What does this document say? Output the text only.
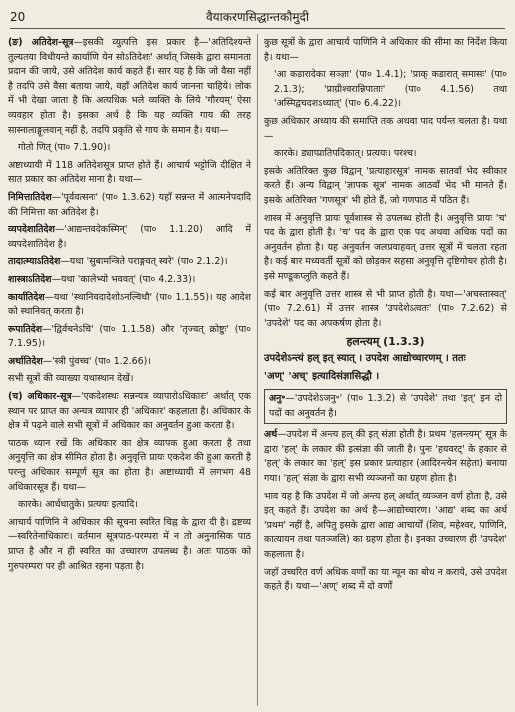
20	वैयाकरणसिद्धान्तकौमुदी

(ङ) अतिदेश-सूत्र—इसकी व्युत्पत्ति इस प्रकार है—'अतिदिश्यन्ते तुल्यतया विधीयन्ते कार्याणि येन सोऽतिदेशः' अर्थात् जिसके द्वारा समानता प्रदान की जाये, उसे अतिदेश कार्य कहते हैं। सार यह है कि जो वैसा नहीं है तदपि उसे वैसा बताया जाये, वहाँ अतिदेश कार्य जानना चाहिये। लोक में भी देखा जाता है कि अत्यधिक भले व्यक्ति के लिये 'गौरयम्' ऐसा व्यवहार होता है। इसका अर्थ है कि यह व्यक्ति गाय की तरह सास्नालाङ्गूलवान् नहीं है, तदपि प्रकृति से गाय के समान है। यथा—

गोतो णित् (पा० 7.1.90)।

अष्टाध्यायी में 118 अतिदेशसूत्र प्राप्त होते हैं। आचार्य भट्टोजि दीक्षित ने सात प्रकार का अतिदेश माना है। यथा—

निमित्तातिदेश—'पूर्ववत्सनः' (पा० 1.3.62) यहाँ सन्नन्त में आत्मनेपदादि की निमित्ता का अतिदेश है।

व्यपदेशातिदेश—'आद्यन्तवदेकस्मिन्' (पा० 1.1.20) आदि में व्यपदेशातिदेश है।

तादात्म्याऽतिदेश—यथा 'सुबामन्त्रिते पराङ्गवत् स्वरे' (पा० 2.1.2)।

शास्त्राऽतिदेश—यथा 'कालेभ्यो भववत्' (पा० 4.2.33)।

कार्यातिदेश—यथा 'स्थानिवदादेशोऽनल्विधौ' (पा० 1.1.55)। यह आदेश को स्थानिवत् करता है।

रूपातिदेश—'द्विर्वचनेऽचि' (पा० 1.1.58) और 'तृज्वत् क्रोष्टुः' (पा० 7.1.95)।

अर्थातिदेश—'स्त्री पुंवच्च' (पा० 1.2.66)।

सभी सूत्रों की व्याख्या यथास्थान देखें।

(च) अधिकार-सूत्र—'एकदेशस्थः सन्नन्यत्र व्यापारोऽधिकारः' अर्थात् एक स्थान पर प्राप्त का अन्यत्र व्यापार ही 'अधिकार' कहलाता है। अधिकार के क्षेत्र में पढ़ने वाले सभी सूत्रों में अधिकार का अनुवर्तन हुआ करता है।

पाठक ध्यान रखें कि अधिकार का क्षेत्र व्यापक हुआ करता है तथा अनुवृत्ति का क्षेत्र सीमित होता है। अनुवृत्ति प्रायः एकदेश की हुआ करती है परन्तु अधिकार सम्पूर्ण सूत्र का होता है। अष्टाध्यायी में लगभग 48 अधिकारसूत्र हैं। यथा—

कारके। आर्धधातुके। प्रत्ययः इत्यादि।

आचार्य पाणिनि ने अधिकार की सूचना स्वरित चिह्न के द्वारा दी है। द्रष्टव्य—स्वरितेनाधिकारः। वर्तमान सूत्रपाठ-परम्परा में न तो अनुनासिक पाठ प्राप्त है और न ही स्वरित का उच्चारण उपलब्ध है। अतः पाठक को गुरुपरम्परा पर ही आश्रित रहना पड़ता है।

कुछ सूत्रों के द्वारा आचार्य पाणिनि ने अधिकार की सीमा का निर्देश किया है। यथा—

'आ कडारादेका सञ्ज्ञा' (पा० 1.4.1); 'प्राक् कडारात् समासः' (पा० 2.1.3); 'प्राग्रीश्वरान्निपाताः' (पा० 4.1.56) तथा 'अस्मिद्वचदशऽध्यात्' (पा० 6.4.22)।

कुछ अधिकार अध्याय की समाप्ति तक अथवा पाद पर्यन्त चलता है। यथा—

कारके। ड्याप्प्रातिपदिकात्। प्रत्ययः। परश्च।

इसके अतिरिक्त कुछ विद्वान् 'प्रत्याहारसूत्र' नामक सातवाँ भेद स्वीकार करते हैं। अन्य विद्वान् 'ज्ञापक सूत्र' नामक आठवाँ भेद भी मानते हैं। इसके अतिरिक्त 'गणसूत्र' भी होते हैं, जो गणपाठ में पठित हैं।

शास्त्र में अनुवृत्ति प्रायः पूर्वशास्त्र से उपलब्ध होती है। अनुवृत्ति प्रायः 'च' पद के द्वारा होती है। 'च' पद के द्वारा एक पद अथवा अधिक पदों का अनुवर्तन होता है। यह अनुवर्तन जलप्रवाहवत् उत्तर सूत्रों में चलता रहता है। कई बार मध्यवर्ती सूत्रों को छोड़कर सहसा अनुवृत्ति दृष्टिगोचर होती है। इसे मण्डूकप्लुति कहते हैं।

कई बार अनुवृत्ति उत्तर शास्त्र से भी प्राप्त होती है। यथा—'अचस्तास्वत्' (पा० 7.2.61) में उत्तर शास्त्र 'उपदेशेऽत्वतः' (पा० 7.2.62) से 'उपदेशे' पद का अपकर्षण होता है।

हलन्त्यम् (1.3.3)

उपदेशेऽन्त्यं हल् इत् स्यात् । उपदेश आद्योच्चारणम् । ततः

'अण्' 'अच्' इत्यादिसंज्ञासिद्धौ ।

अनु॰—'उपदेशेऽजनु॰' (पा० 1.3.2) से 'उपदेशे' तथा 'इत्' इन दो पदों का अनुवर्तन है।

अर्थ—उपदेश में अन्त्य हल् की इत् संज्ञा होती है। प्रथम 'हलन्त्यम्' सूत्र के द्वारा 'हल्' के लकार की इत्संज्ञा की जाती है। पुनः 'हयवरट्' के हकार से 'हल्' के लकार का 'हल्' इस प्रकार प्रत्याहार (आदिरन्त्येन सहेता) बनाया गया। 'हल्' संज्ञा के द्वारा सभी व्यञ्जनों का ग्रहण होता है।

भाव यह है कि उपदेश में जो अन्त्य हल् अर्थात् व्यञ्जन वर्ण होता है, उसे इत् कहते हैं। उपदेश का अर्थ है—आद्योच्चारण। 'आद्य' शब्द का अर्थ 'प्रथम' नहीं है, अपितु इसके द्वारा आद्य आचार्यों (शिव, महेश्वर, पाणिनि, कात्यायन तथा पतञ्जलि) का ग्रहण होता है। इनका उच्चारण ही 'उपदेश' कहलाता है।

जहाँ उच्चरित वर्ण अधिक वर्णों का या न्यून का बोध न कराये, उसे उपदेश कहते हैं। यथा—'अण्' शब्द में दो वर्णों
